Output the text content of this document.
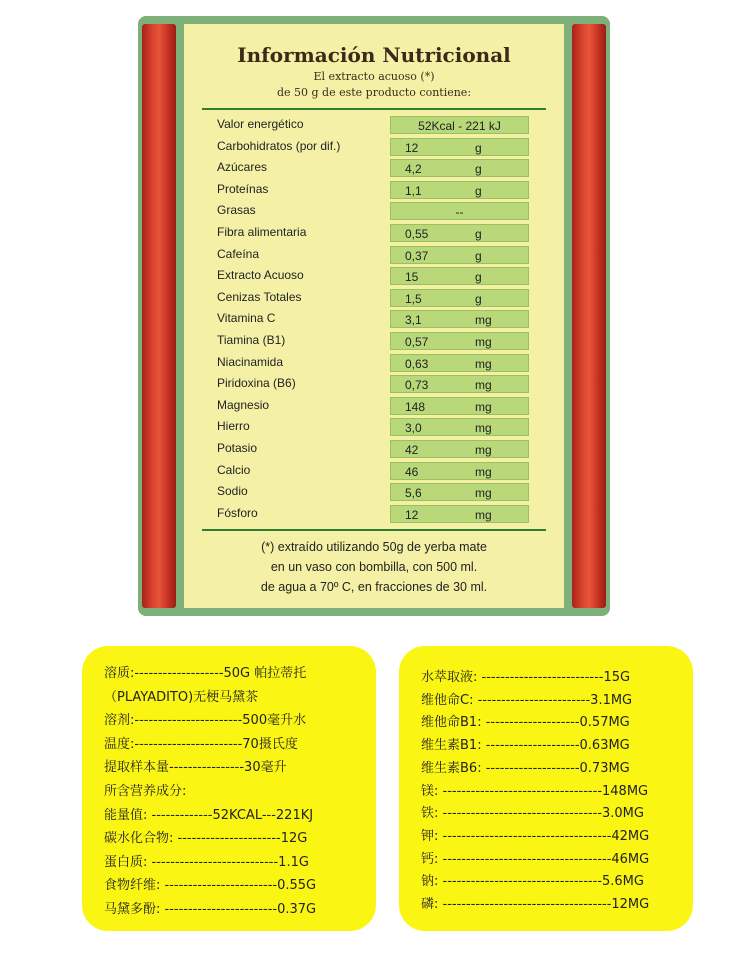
Información Nutricional
El extracto acuoso (*)
de 50 g de este producto contiene:
Valor energético	52Kcal - 221 kJ
Carbohidratos (por dif.)	12	g
Azúcares	4,2	g
Proteínas	1,1	g
Grasas	--
Fibra alimentaria	0,55	g
Cafeína	0,37	g
Extracto Acuoso	15	g
Cenizas Totales	1,5	g
Vitamina C	3,1	mg
Tiamina (B1)	0,57	mg
Niacinamida	0,63	mg
Piridoxina (B6)	0,73	mg
Magnesio	148	mg
Hierro	3,0	mg
Potasio	42	mg
Calcio	46	mg
Sodio	5,6	mg
Fósforo	12	mg
(*) extraído utilizando 50g de yerba mate
en un vaso con bombilla, con 500 ml.
de agua a 70º C, en fracciones de 30 ml.
溶质:-------------------50G 帕拉蒂托
（PLAYADITO)无梗马黛茶
溶剂:-----------------------500毫升水
温度:-----------------------70摄氏度
提取样本量----------------30毫升
所含营养成分:
能量值: -------------52KCAL---221KJ
碳水化合物: ----------------------12G
蛋白质: ---------------------------1.1G
食物纤维: ------------------------0.55G
马黛多酚: ------------------------0.37G
水萃取液: --------------------------15G
维他命C: ------------------------3.1MG
维他命B1: --------------------0.57MG
维生素B1: --------------------0.63MG
维生素B6: --------------------0.73MG
镁: ----------------------------------148MG
铁: ----------------------------------3.0MG
钾: ------------------------------------42MG
钙: ------------------------------------46MG
钠: ----------------------------------5.6MG
磷: ------------------------------------12MG
